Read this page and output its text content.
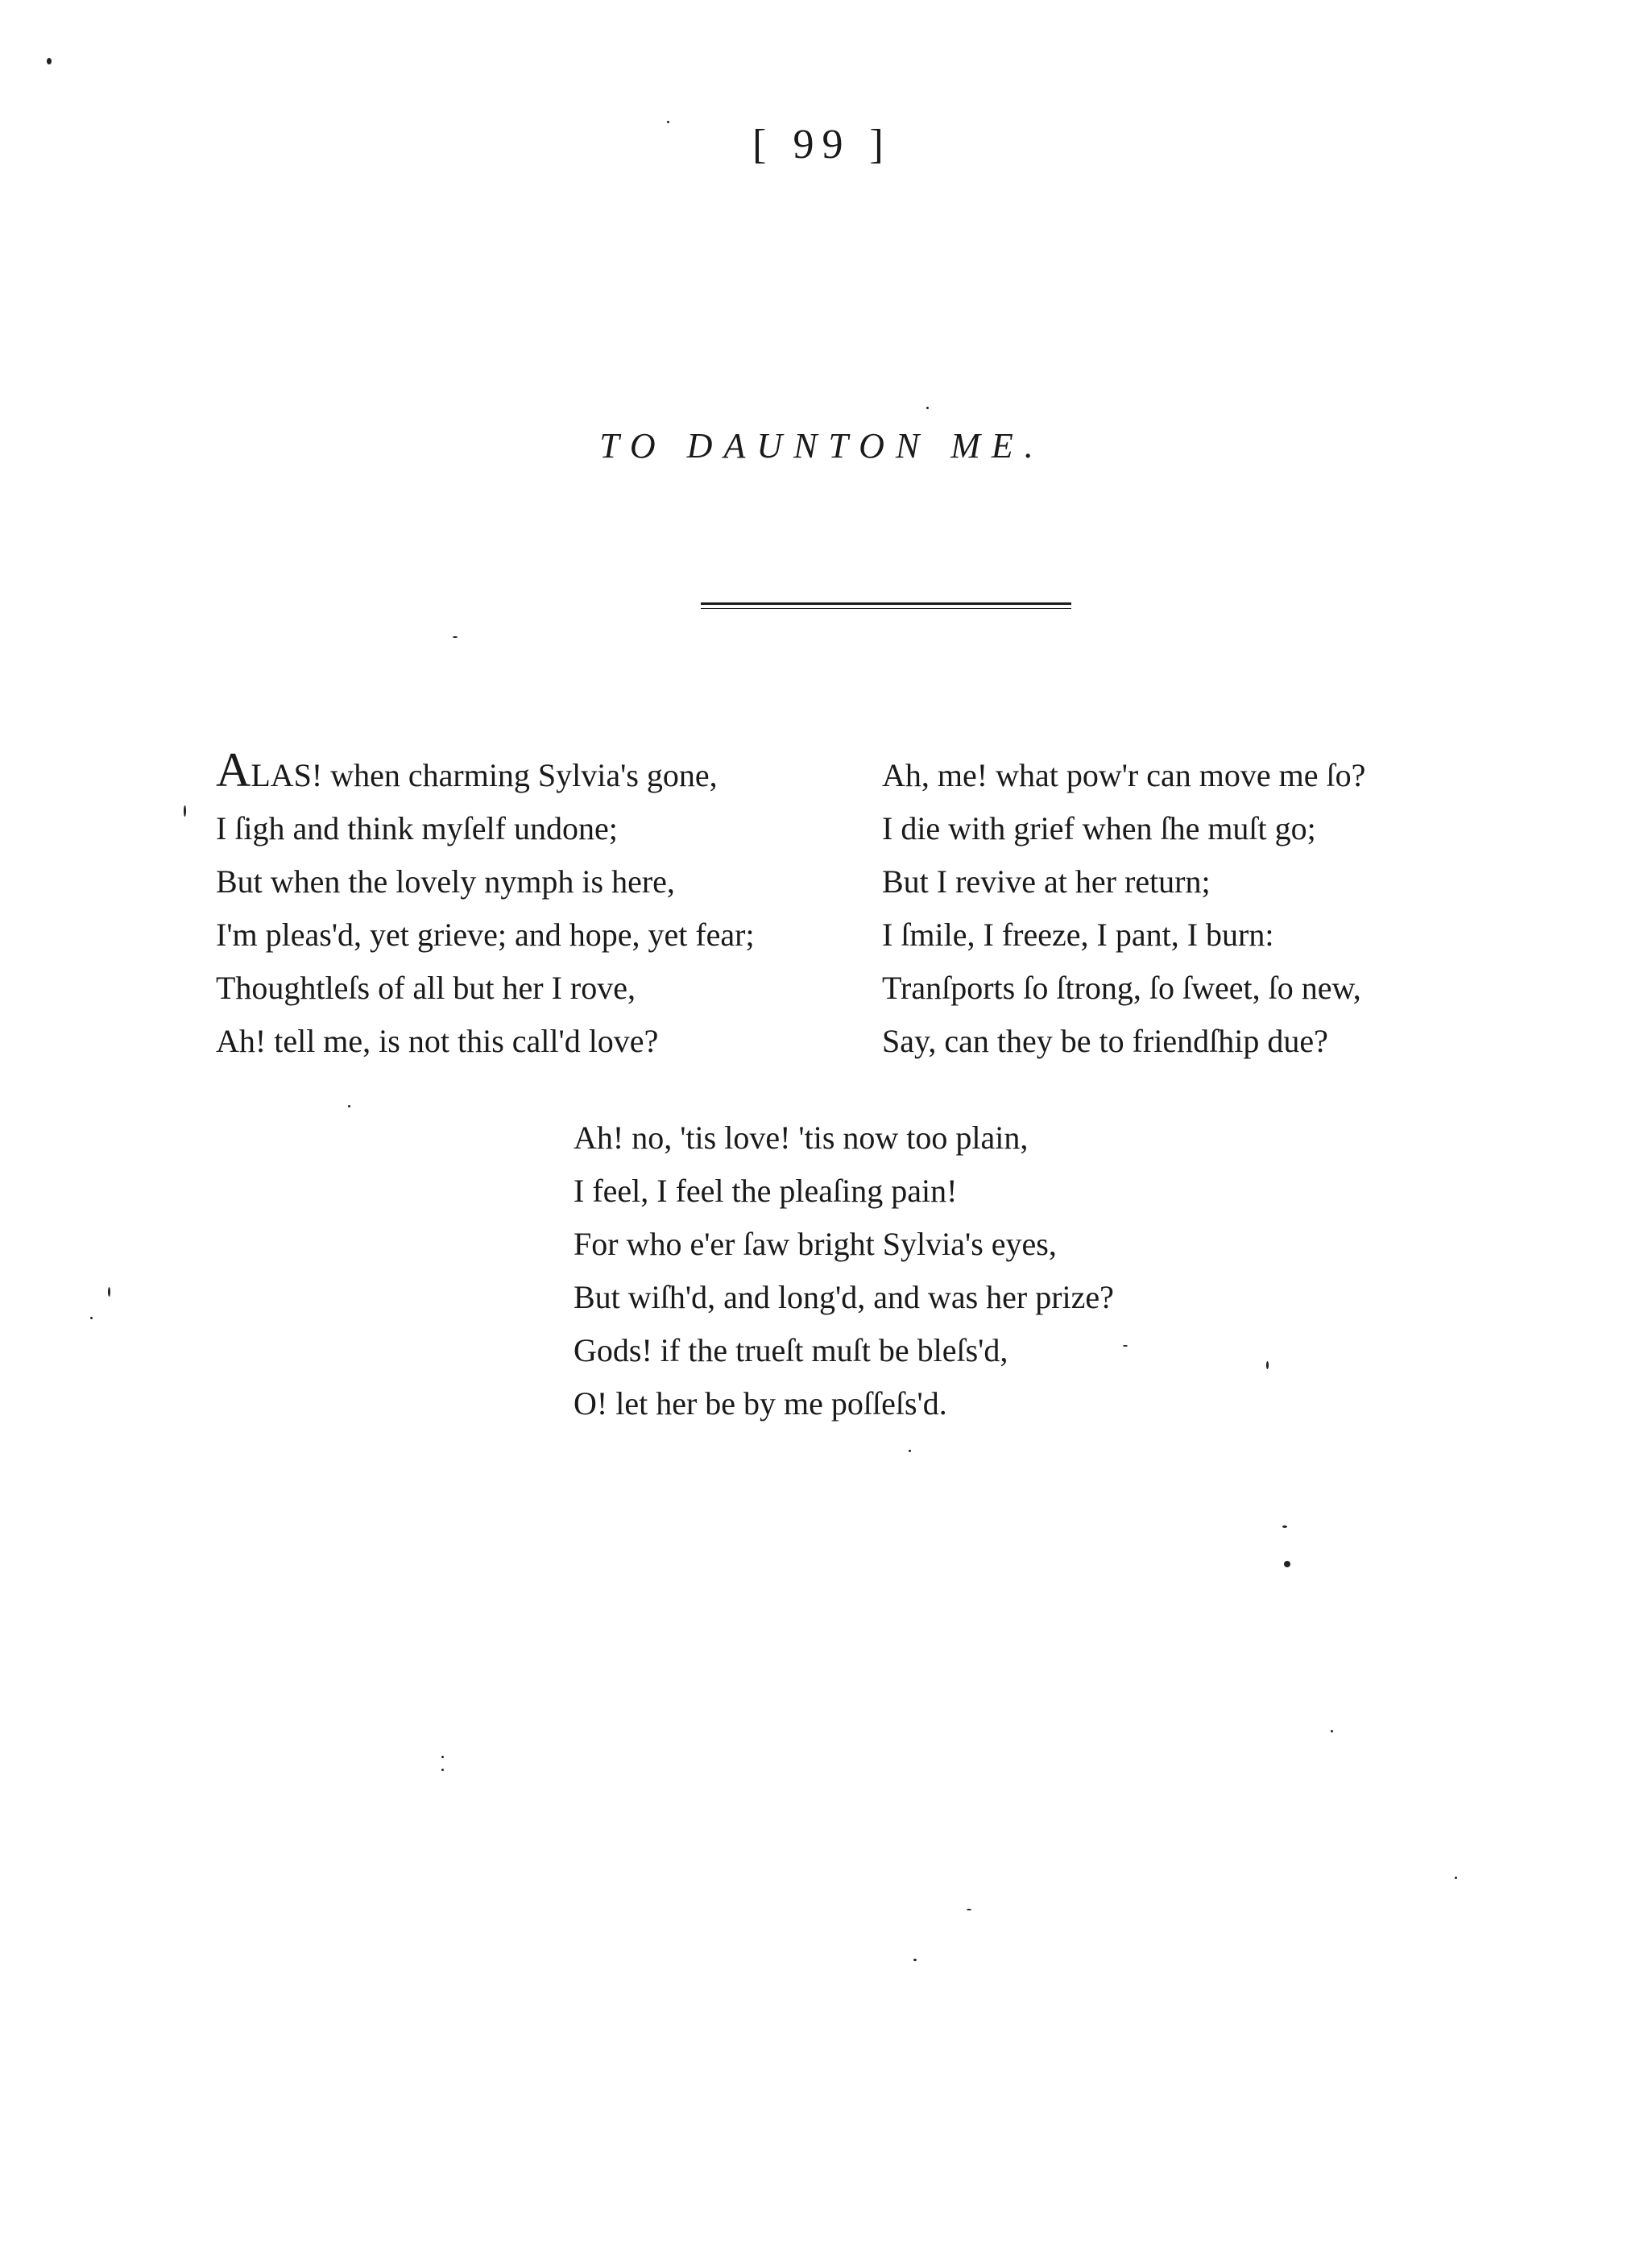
[ 99 ]
TO DAUNTON ME.
ALAS! when charming Sylvia's gone,
I ſigh and think myſelf undone;
But when the lovely nymph is here,
I'm pleas'd, yet grieve; and hope, yet fear;
Thoughtleſs of all but her I rove,
Ah! tell me, is not this call'd love?
Ah, me! what pow'r can move me ſo?
I die with grief when ſhe muſt go;
But I revive at her return;
I ſmile, I freeze, I pant, I burn:
Tranſports ſo ſtrong, ſo ſweet, ſo new,
Say, can they be to friendſhip due?
Ah! no, 'tis love! 'tis now too plain,
I feel, I feel the pleaſing pain!
For who e'er ſaw bright Sylvia's eyes,
But wiſh'd, and long'd, and was her prize?
Gods! if the trueſt muſt be bleſs'd,
O! let her be by me poſſeſs'd.
